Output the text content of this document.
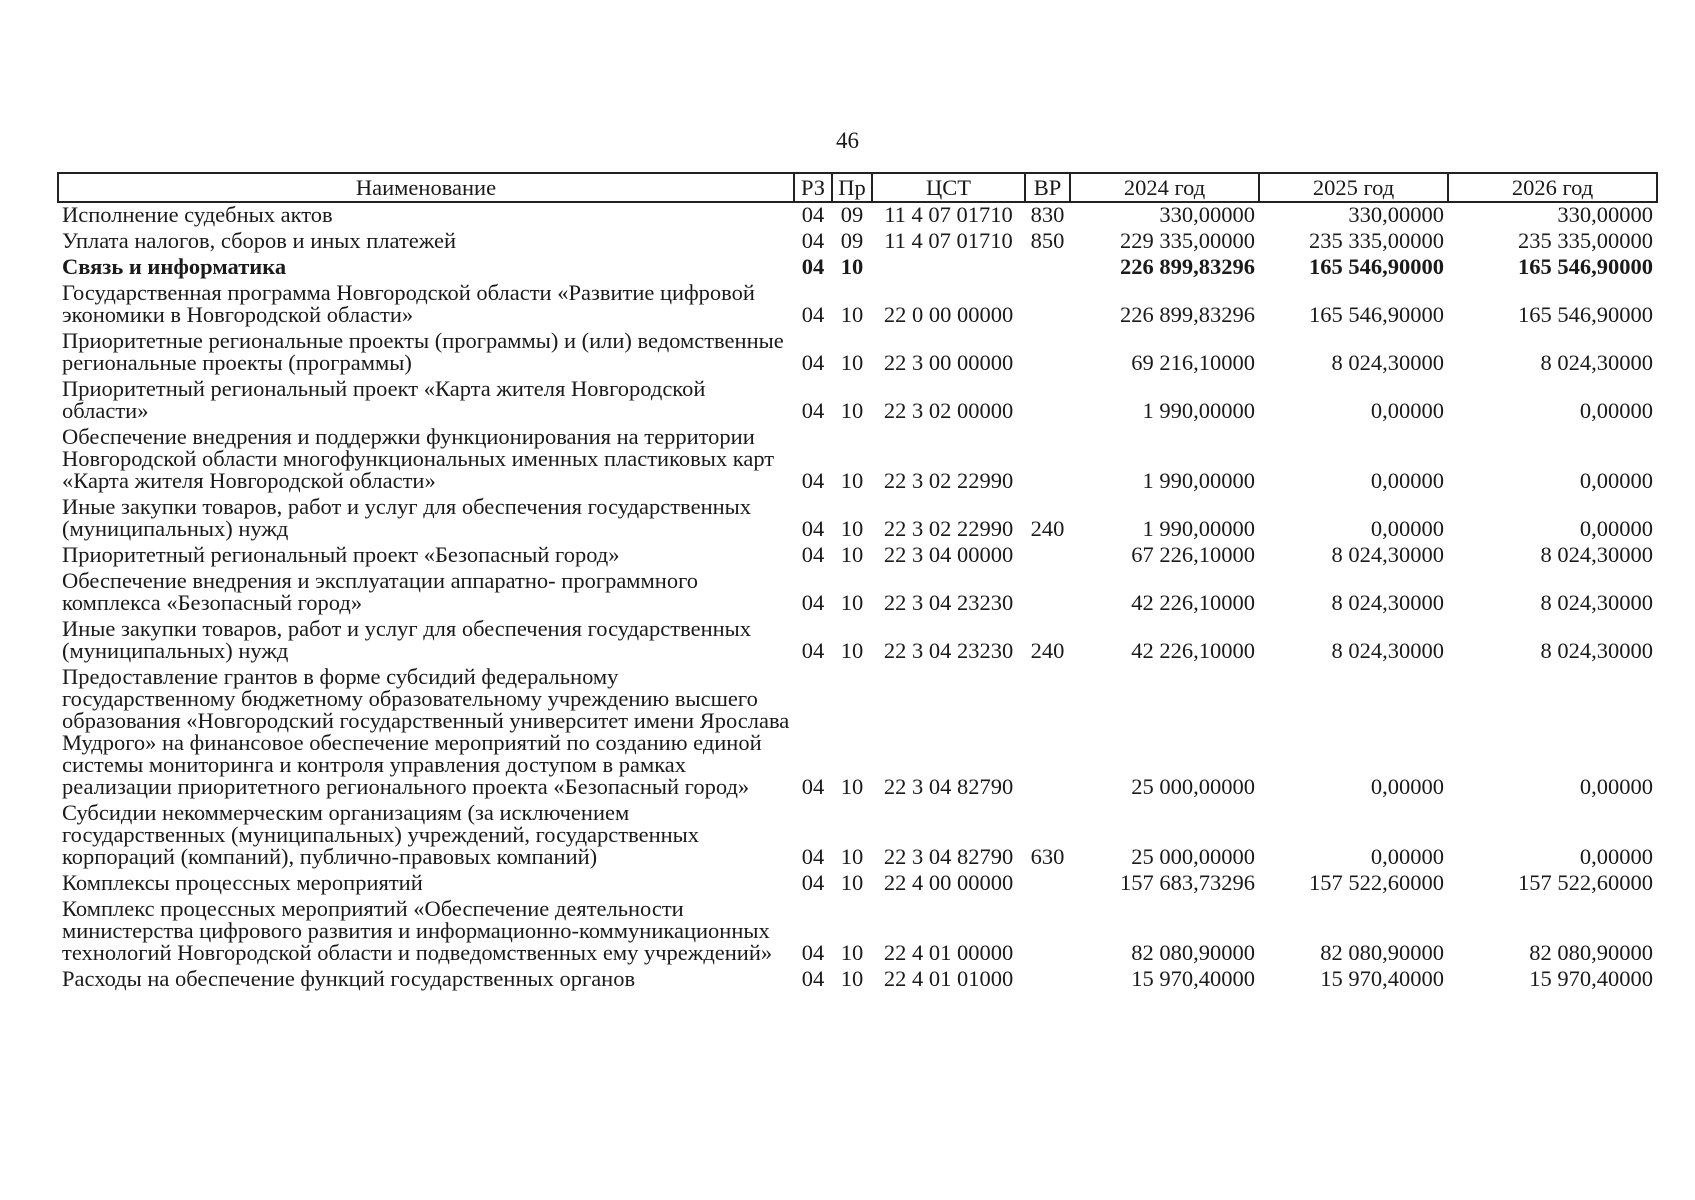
46
Наименование	РЗ	Пр	ЦСТ	ВР	2024 год	2025 год	2026 год
Исполнение судебных актов	04	09	11 4 07 01710	830	330,00000	330,00000	330,00000
Уплата налогов, сборов и иных платежей	04	09	11 4 07 01710	850	229 335,00000	235 335,00000	235 335,00000
Связь и информатика	04	10			226 899,83296	165 546,90000	165 546,90000
Государственная программа Новгородской области «Развитие цифровой экономики в Новгородской области»	04	10	22 0 00 00000		226 899,83296	165 546,90000	165 546,90000
Приоритетные региональные проекты (программы) и (или) ведомственные региональные проекты (программы)	04	10	22 3 00 00000		69 216,10000	8 024,30000	8 024,30000
Приоритетный региональный проект «Карта жителя Новгородской области»	04	10	22 3 02 00000		1 990,00000	0,00000	0,00000
Обеспечение внедрения и поддержки функционирования на территории Новгородской области многофункциональных именных пластиковых карт «Карта жителя Новгородской области»	04	10	22 3 02 22990		1 990,00000	0,00000	0,00000
Иные закупки товаров, работ и услуг для обеспечения государственных (муниципальных) нужд	04	10	22 3 02 22990	240	1 990,00000	0,00000	0,00000
Приоритетный региональный проект «Безопасный город»	04	10	22 3 04 00000		67 226,10000	8 024,30000	8 024,30000
Обеспечение внедрения и эксплуатации аппаратно- программного комплекса «Безопасный город»	04	10	22 3 04 23230		42 226,10000	8 024,30000	8 024,30000
Иные закупки товаров, работ и услуг для обеспечения государственных (муниципальных) нужд	04	10	22 3 04 23230	240	42 226,10000	8 024,30000	8 024,30000
Предоставление грантов в форме субсидий федеральному государственному бюджетному образовательному учреждению высшего образования «Новгородский государственный университет имени Ярослава Мудрого» на финансовое обеспечение мероприятий по созданию единой системы мониторинга и контроля управления доступом в рамках реализации приоритетного регионального проекта «Безопасный город»	04	10	22 3 04 82790		25 000,00000	0,00000	0,00000
Субсидии некоммерческим организациям (за исключением государственных (муниципальных) учреждений, государственных корпораций (компаний), публично-правовых компаний)	04	10	22 3 04 82790	630	25 000,00000	0,00000	0,00000
Комплексы процессных мероприятий	04	10	22 4 00 00000		157 683,73296	157 522,60000	157 522,60000
Комплекс процессных мероприятий «Обеспечение деятельности министерства цифрового развития и информационно-коммуникационных технологий Новгородской области и подведомственных ему учреждений»	04	10	22 4 01 00000		82 080,90000	82 080,90000	82 080,90000
Расходы на обеспечение функций государственных органов	04	10	22 4 01 01000		15 970,40000	15 970,40000	15 970,40000
